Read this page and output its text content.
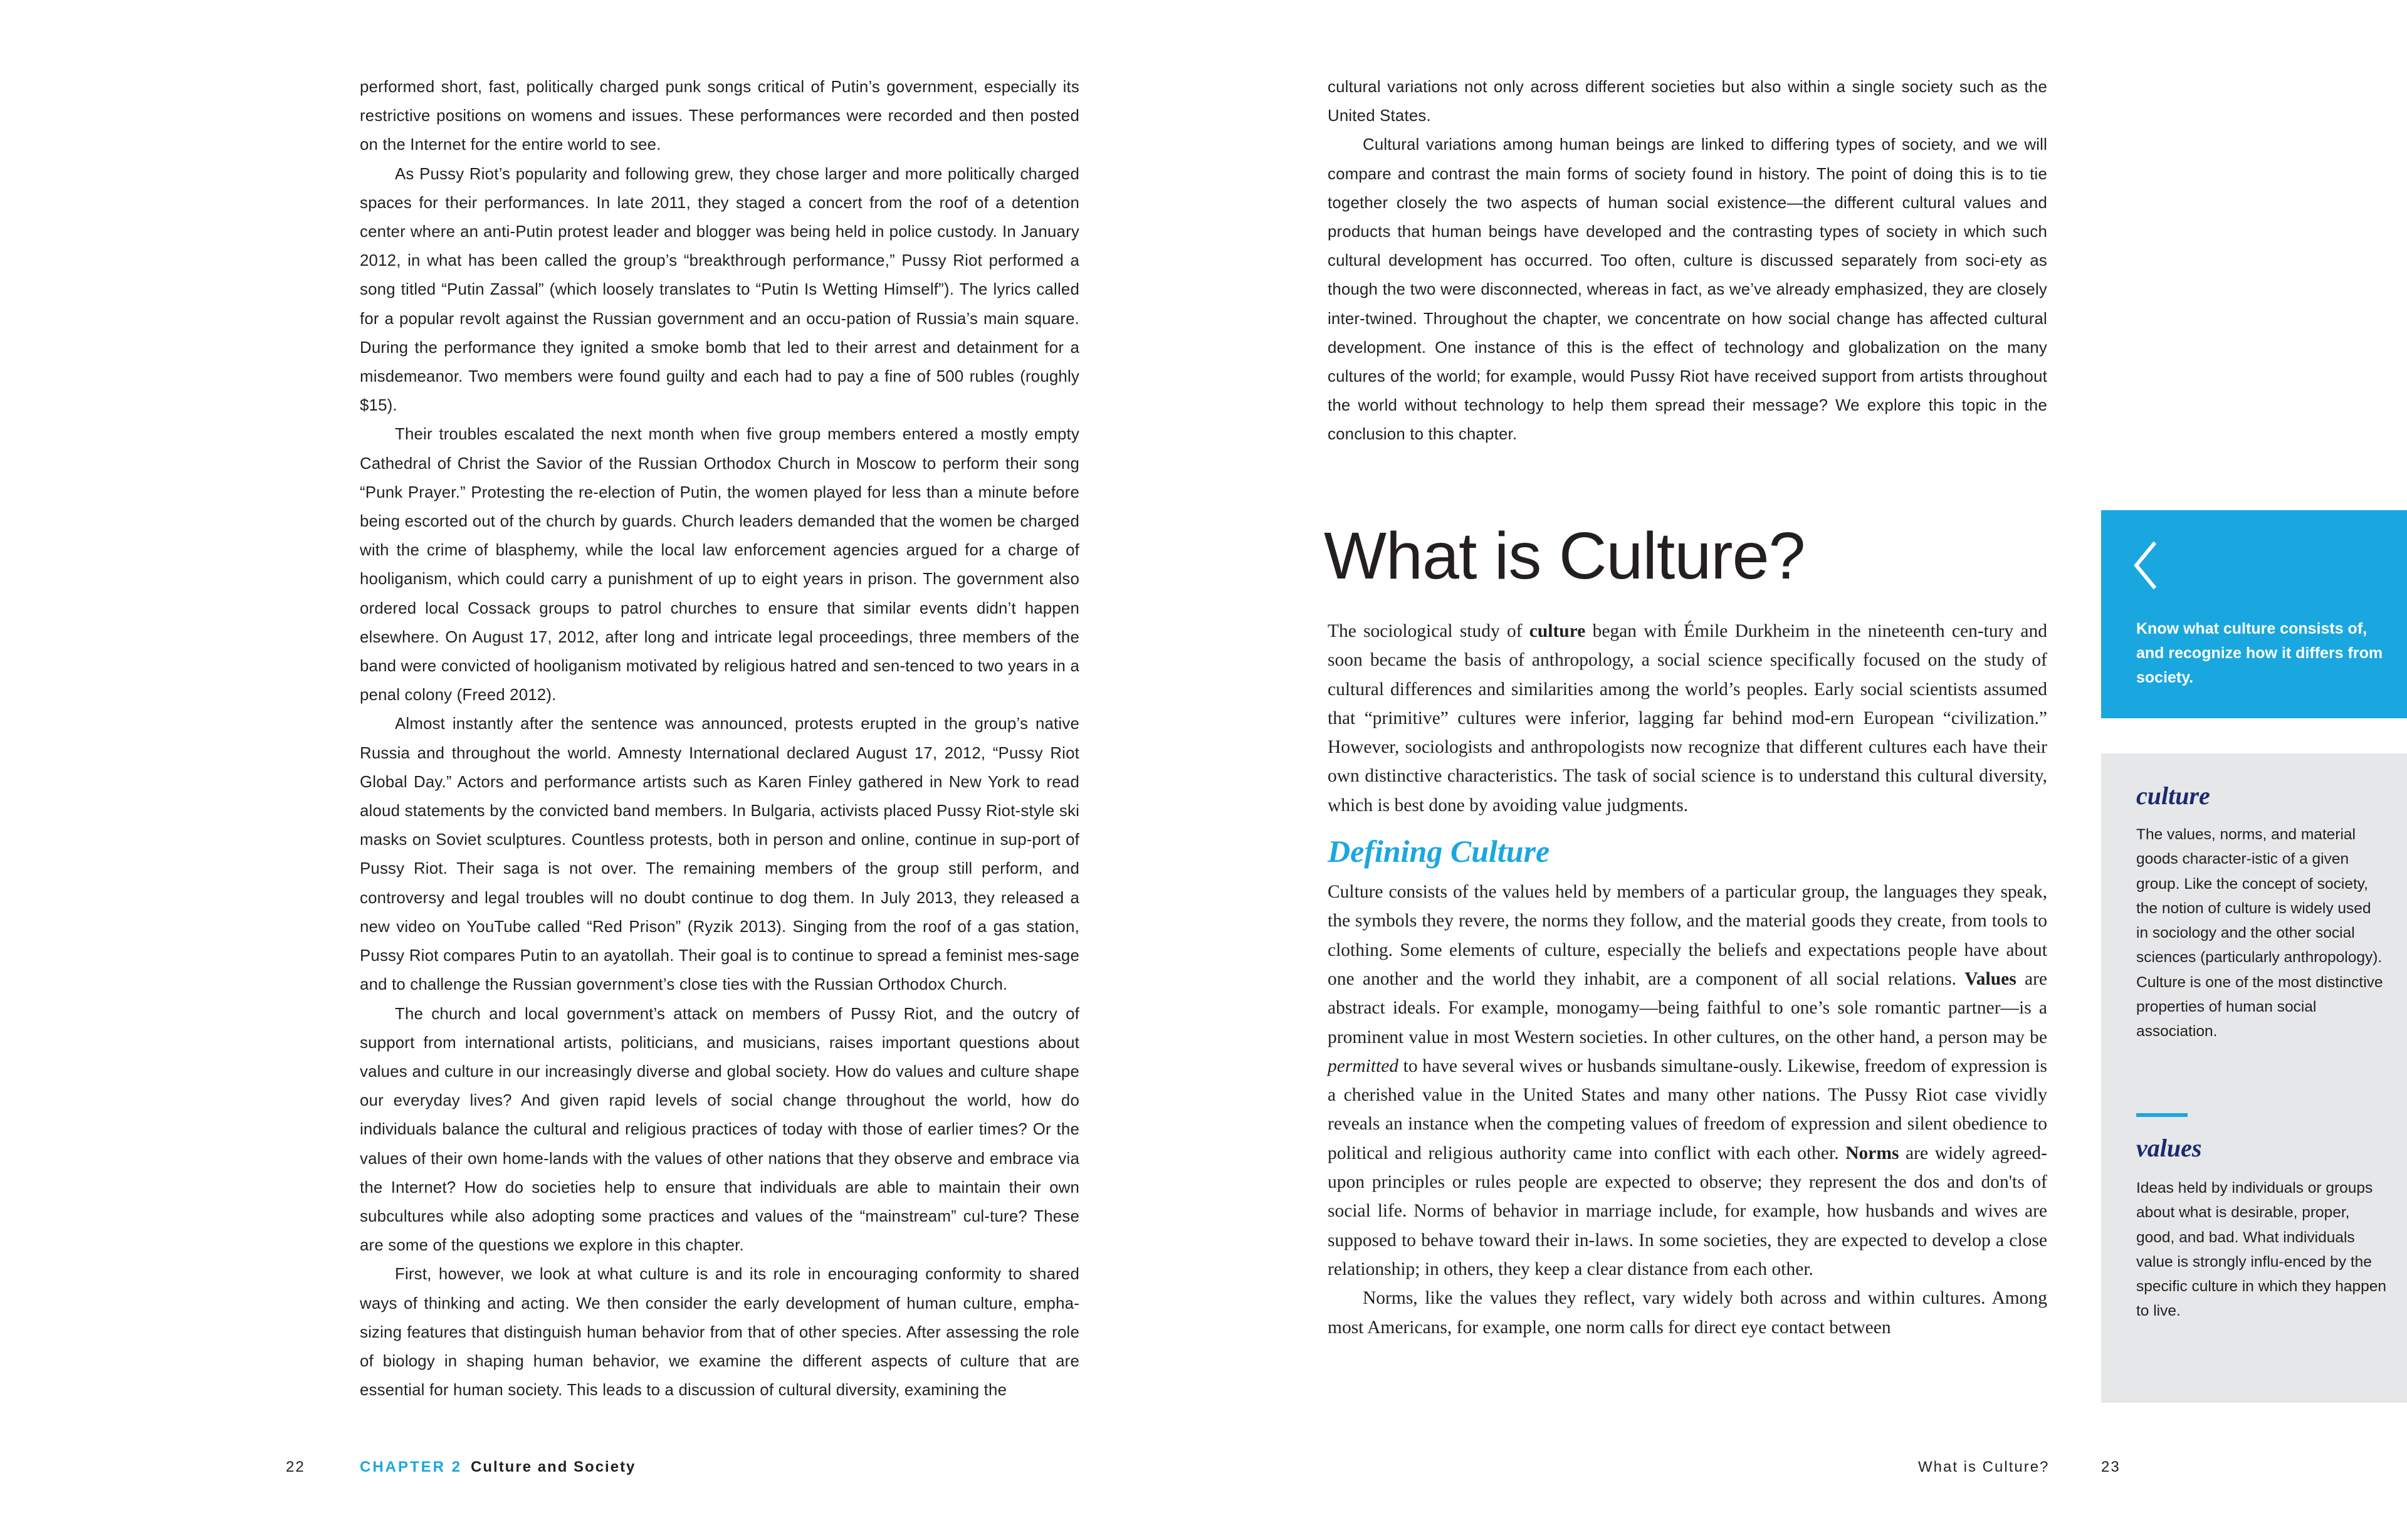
performed short, fast, politically charged punk songs critical of Putin’s government, especially its restrictive positions on womens and issues. These performances were recorded and then posted on the Internet for the entire world to see.

As Pussy Riot’s popularity and following grew, they chose larger and more politically charged spaces for their performances. In late 2011, they staged a concert from the roof of a detention center where an anti-Putin protest leader and blogger was being held in police custody. In January 2012, in what has been called the group’s “breakthrough performance,” Pussy Riot performed a song titled “Putin Zassal” (which loosely translates to “Putin Is Wetting Himself”). The lyrics called for a popular revolt against the Russian government and an occu-pation of Russia’s main square. During the performance they ignited a smoke bomb that led to their arrest and detainment for a misdemeanor. Two members were found guilty and each had to pay a fine of 500 rubles (roughly $15).

Their troubles escalated the next month when five group members entered a mostly empty Cathedral of Christ the Savior of the Russian Orthodox Church in Moscow to perform their song “Punk Prayer.” Protesting the re-election of Putin, the women played for less than a minute before being escorted out of the church by guards. Church leaders demanded that the women be charged with the crime of blasphemy, while the local law enforcement agencies argued for a charge of hooliganism, which could carry a punishment of up to eight years in prison. The government also ordered local Cossack groups to patrol churches to ensure that similar events didn’t happen elsewhere. On August 17, 2012, after long and intricate legal proceedings, three members of the band were convicted of hooliganism motivated by religious hatred and sen-tenced to two years in a penal colony (Freed 2012).

Almost instantly after the sentence was announced, protests erupted in the group’s native Russia and throughout the world. Amnesty International declared August 17, 2012, “Pussy Riot Global Day.” Actors and performance artists such as Karen Finley gathered in New York to read aloud statements by the convicted band members. In Bulgaria, activists placed Pussy Riot-style ski masks on Soviet sculptures. Countless protests, both in person and online, continue in sup-port of Pussy Riot. Their saga is not over. The remaining members of the group still perform, and controversy and legal troubles will no doubt continue to dog them. In July 2013, they released a new video on YouTube called “Red Prison” (Ryzik 2013). Singing from the roof of a gas station, Pussy Riot compares Putin to an ayatollah. Their goal is to continue to spread a feminist mes-sage and to challenge the Russian government’s close ties with the Russian Orthodox Church.

The church and local government’s attack on members of Pussy Riot, and the outcry of support from international artists, politicians, and musicians, raises important questions about values and culture in our increasingly diverse and global society. How do values and culture shape our everyday lives? And given rapid levels of social change throughout the world, how do individuals balance the cultural and religious practices of today with those of earlier times? Or the values of their own home-lands with the values of other nations that they observe and embrace via the Internet? How do societies help to ensure that individuals are able to maintain their own subcultures while also adopting some practices and values of the “mainstream” cul-ture? These are some of the questions we explore in this chapter.

First, however, we look at what culture is and its role in encouraging conformity to shared ways of thinking and acting. We then consider the early development of human culture, empha-sizing features that distinguish human behavior from that of other species. After assessing the role of biology in shaping human behavior, we examine the different aspects of culture that are essential for human society. This leads to a discussion of cultural diversity, examining the

cultural variations not only across different societies but also within a single society such as the United States.

Cultural variations among human beings are linked to differing types of society, and we will compare and contrast the main forms of society found in history. The point of doing this is to tie together closely the two aspects of human social existence—the different cultural values and products that human beings have developed and the contrasting types of society in which such cultural development has occurred. Too often, culture is discussed separately from soci-ety as though the two were disconnected, whereas in fact, as we’ve already emphasized, they are closely inter-twined. Throughout the chapter, we concentrate on how social change has affected cultural development. One instance of this is the effect of technology and globalization on the many cultures of the world; for example, would Pussy Riot have received support from artists throughout the world without technology to help them spread their message? We explore this topic in the conclusion to this chapter.

What is Culture?

The sociological study of culture began with Émile Durkheim in the nineteenth cen-tury and soon became the basis of anthropology, a social science specifically focused on the study of cultural differences and similarities among the world’s peoples. Early social scientists assumed that “primitive” cultures were inferior, lagging far behind mod-ern European “civilization.” However, sociologists and anthropologists now recognize that different cultures each have their own distinctive characteristics. The task of social science is to understand this cultural diversity, which is best done by avoiding value judgments.

Defining Culture

Culture consists of the values held by members of a particular group, the languages they speak, the symbols they revere, the norms they follow, and the material goods they create, from tools to clothing. Some elements of culture, especially the beliefs and expectations people have about one another and the world they inhabit, are a component of all social relations. Values are abstract ideals. For example, monogamy—being faithful to one’s sole romantic partner—is a prominent value in most Western societies. In other cultures, on the other hand, a person may be permitted to have several wives or husbands simultane-ously. Likewise, freedom of expression is a cherished value in the United States and many other nations. The Pussy Riot case vividly reveals an instance when the competing values of freedom of expression and silent obedience to political and religious authority came into conflict with each other. Norms are widely agreed-upon principles or rules people are expected to observe; they represent the dos and don'ts of social life. Norms of behavior in marriage include, for example, how husbands and wives are supposed to behave toward their in-laws. In some societies, they are expected to develop a close relationship; in others, they keep a clear distance from each other.

Norms, like the values they reflect, vary widely both across and within cultures. Among most Americans, for example, one norm calls for direct eye contact between

Know what culture consists of, and recognize how it differs from society.
culture

The values, norms, and material goods character-istic of a given group. Like the concept of society, the notion of culture is widely used in sociology and the other social sciences (particularly anthropology). Culture is one of the most distinctive properties of human social association.

values

Ideas held by individuals or groups about what is desirable, proper, good, and bad. What individuals value is strongly influ-enced by the specific culture in which they happen to live.

22	CHAPTER 2 Culture and Society	What is Culture?	23
